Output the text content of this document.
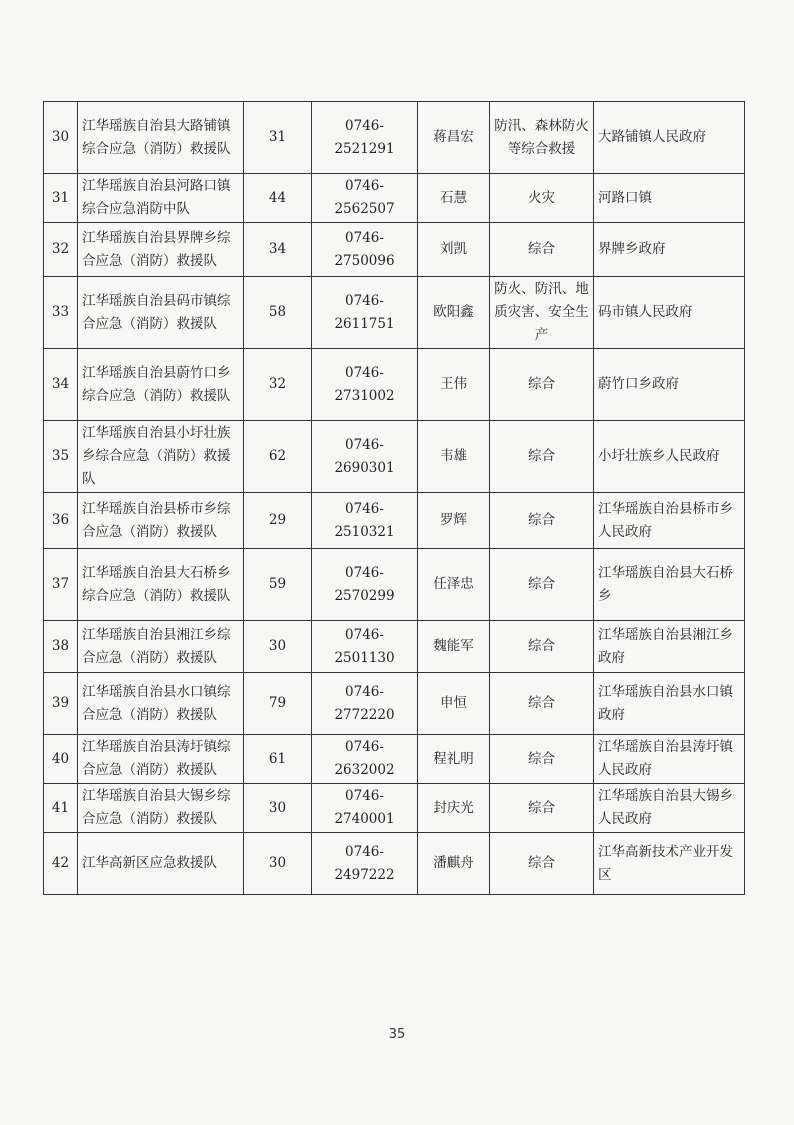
30	江华瑶族自治县大路铺镇综合应急（消防）救援队	31	0746-2521291	蒋昌宏	防汛、森林防火等综合救援	大路铺镇人民政府
31	江华瑶族自治县河路口镇综合应急消防中队	44	0746-2562507	石慧	火灾	河路口镇
32	江华瑶族自治县界牌乡综合应急（消防）救援队	34	0746-2750096	刘凯	综合	界牌乡政府
33	江华瑶族自治县码市镇综合应急（消防）救援队	58	0746-2611751	欧阳鑫	防火、防汛、地质灾害、安全生产	码市镇人民政府
34	江华瑶族自治县蔚竹口乡综合应急（消防）救援队	32	0746-2731002	王伟	综合	蔚竹口乡政府
35	江华瑶族自治县小圩壮族乡综合应急（消防）救援队	62	0746-2690301	韦雄	综合	小圩壮族乡人民政府
36	江华瑶族自治县桥市乡综合应急（消防）救援队	29	0746-2510321	罗辉	综合	江华瑶族自治县桥市乡人民政府
37	江华瑶族自治县大石桥乡综合应急（消防）救援队	59	0746-2570299	任泽忠	综合	江华瑶族自治县大石桥乡
38	江华瑶族自治县湘江乡综合应急（消防）救援队	30	0746-2501130	魏能军	综合	江华瑶族自治县湘江乡政府
39	江华瑶族自治县水口镇综合应急（消防）救援队	79	0746-2772220	申恒	综合	江华瑶族自治县水口镇政府
40	江华瑶族自治县涛圩镇综合应急（消防）救援队	61	0746-2632002	程礼明	综合	江华瑶族自治县涛圩镇人民政府
41	江华瑶族自治县大锡乡综合应急（消防）救援队	30	0746-2740001	封庆光	综合	江华瑶族自治县大锡乡人民政府
42	江华高新区应急救援队	30	0746-2497222	潘麒舟	综合	江华高新技术产业开发区
35
